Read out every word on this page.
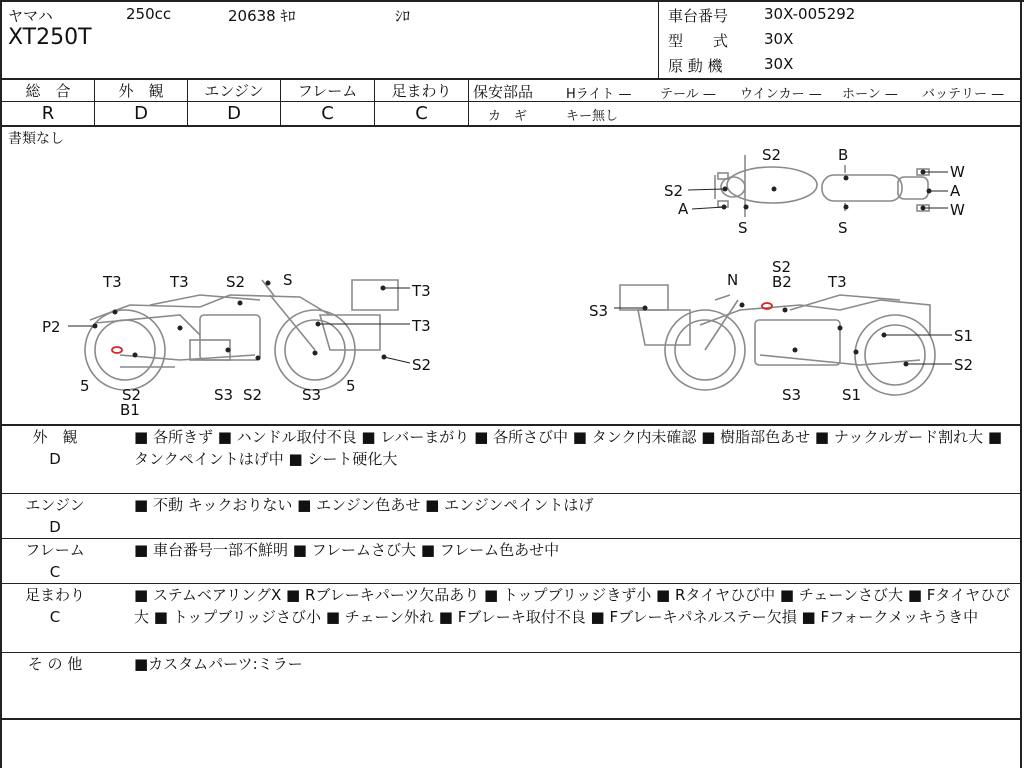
ヤマハ	250cc	20638 ｷﾛ	ｼﾛ
XT250T
車台番号 30X-005292
型　　式 30X
原 動 機	30X
総　合	外　観	エンジン	フレーム	足まわり
R	D	D	C	C
保安部品	Hライト — テール — ウインカー — ホーン — バッテリー —
カ　ギ	キー無し
書類なし
S2	B
S2	A
S	S
W
A	W
T3	T3 S2	S
T3
P2	T3
5 S2
B1
S3 S2	S3 5
S2
S2
N B2 T3
S3
S1
S2
S3	S1
外　観
D
■ 各所きず ■ ハンドル取付不良 ■ レバーまがり ■ 各所さび中 ■ タンク内未確認 ■ 樹脂部色あせ ■ ナックルガード割れ大 ■ タンクペイントはげ中 ■ シート硬化大
エンジン
D
■ 不動 キックおりない ■ エンジン色あせ ■ エンジンペイントはげ
フレーム
C
■ 車台番号一部不鮮明 ■ フレームさび大 ■ フレーム色あせ中
足まわり
C
■ ステムベアリングX ■ Rブレーキパーツ欠品あり ■ トップブリッジきず小 ■ Rタイヤひび中 ■ チェーンさび大 ■ Fタイヤひび大 ■ トップブリッジさび小 ■ チェーン外れ ■ Fブレーキ取付不良 ■ Fブレーキパネルステー欠損 ■ Fフォークメッキうき中
そ の 他	■カスタムパーツ:ミラー
